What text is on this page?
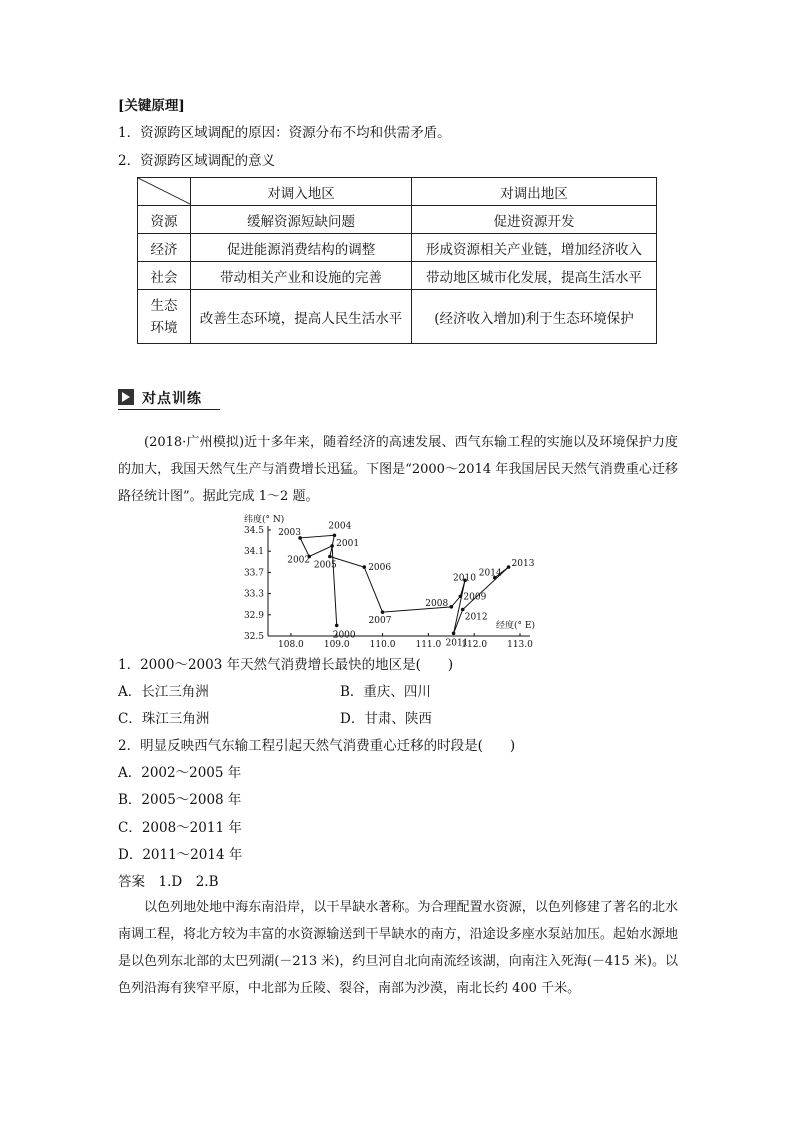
[关键原理]
1．资源跨区域调配的原因：资源分布不均和供需矛盾。
2．资源跨区域调配的意义
	对调入地区	对调出地区
资源	缓解资源短缺问题	促进资源开发
经济	促进能源消费结构的调整	形成资源相关产业链，增加经济收入
社会	带动相关产业和设施的完善	带动地区城市化发展，提高生活水平

生态
环境	改善生态环境，提高人民生活水平	(经济收入增加)利于生态环境保护
对点训练
(2018·广州模拟)近十多年来，随着经济的高速发展、西气东输工程的实施以及环境保护力度的加大，我国天然气生产与消费增长迅猛。下图是“2000～2014 年我国居民天然气消费重心迁移路径统计图”。据此完成 1～2 题。
34.5
34.1
33.7
33.3
32.9
32.5
108.0 109.0 110.0 111.0 112.0 113.0
纬度(° N)
经度(° E)
2000
2001
2002
2003
2004
2005	2006
2007
2008
2009
2010
2011
2012
2013
2014
1．2000～2003 年天然气消费增长最快的地区是(　　)
A．长江三角洲	B．重庆、四川
C．珠江三角洲	D．甘肃、陕西
2．明显反映西气东输工程引起天然气消费重心迁移的时段是(　　)
A．2002～2005 年
B．2005～2008 年
C．2008～2011 年
D．2011～2014 年
答案　1.D　2.B
以色列地处地中海东南沿岸，以干旱缺水著称。为合理配置水资源，以色列修建了著名的北水南调工程，将北方较为丰富的水资源输送到干旱缺水的南方，沿途设多座水泵站加压。起始水源地是以色列东北部的太巴列湖(－213 米)，约旦河自北向南流经该湖，向南注入死海(－415 米)。以色列沿海有狭窄平原，中北部为丘陵、裂谷，南部为沙漠，南北长约 400 千米。
